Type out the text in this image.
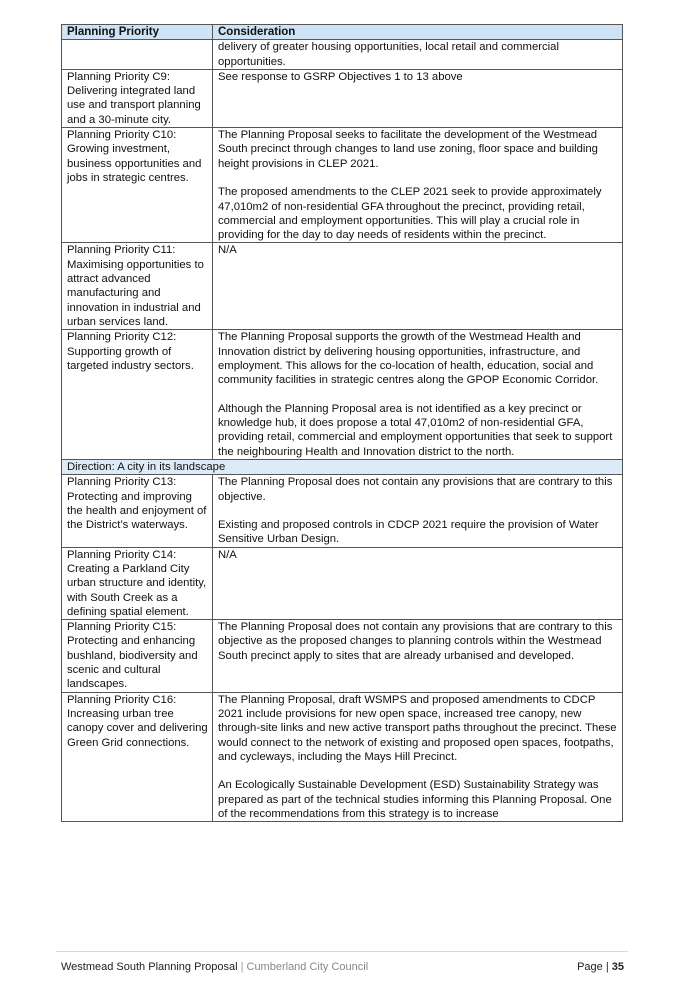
Planning Priority	Consideration

	delivery of greater housing opportunities, local retail and commercial opportunities.

Planning Priority C9: Delivering integrated land use and transport planning and a 30-minute city.	See response to GSRP Objectives 1 to 13 above

Planning Priority C10: Growing investment, business opportunities and jobs in strategic centres.	The Planning Proposal seeks to facilitate the development of the Westmead South precinct through changes to land use zoning, floor space and building height provisions in CLEP 2021.

The proposed amendments to the CLEP 2021 seek to provide approximately 47,010m2 of non-residential GFA throughout the precinct, providing retail, commercial and employment opportunities. This will play a crucial role in providing for the day to day needs of residents within the precinct.

Planning Priority C11: Maximising opportunities to attract advanced manufacturing and innovation in industrial and urban services land.	N/A

Planning Priority C12: Supporting growth of targeted industry sectors.	The Planning Proposal supports the growth of the Westmead Health and Innovation district by delivering housing opportunities, infrastructure, and employment. This allows for the co-location of health, education, social and community facilities in strategic centres along the GPOP Economic Corridor.

Although the Planning Proposal area is not identified as a key precinct or knowledge hub, it does propose a total 47,010m2 of non-residential GFA, providing retail, commercial and employment opportunities that seek to support the neighbouring Health and Innovation district to the north.

Direction: A city in its landscape	
Planning Priority C13: Protecting and improving the health and enjoyment of the District’s waterways.	The Planning Proposal does not contain any provisions that are contrary to this objective.

Existing and proposed controls in CDCP 2021 require the provision of Water Sensitive Urban Design.

Planning Priority C14: Creating a Parkland City urban structure and identity, with South Creek as a defining spatial element.	N/A

Planning Priority C15: Protecting and enhancing bushland, biodiversity and scenic and cultural landscapes.	The Planning Proposal does not contain any provisions that are contrary to this objective as the proposed changes to planning controls within the Westmead South precinct apply to sites that are already urbanised and developed.

Planning Priority C16: Increasing urban tree canopy cover and delivering Green Grid connections.	The Planning Proposal, draft WSMPS and proposed amendments to CDCP 2021 include provisions for new open space, increased tree canopy, new through-site links and new active transport paths throughout the precinct. These would connect to the network of existing and proposed open spaces, footpaths, and cycleways, including the Mays Hill Precinct.

An Ecologically Sustainable Development (ESD) Sustainability Strategy was prepared as part of the technical studies informing this Planning Proposal. One of the recommendations from this strategy is to increase

Westmead South Planning Proposal | Cumberland City Council	Page | 35
